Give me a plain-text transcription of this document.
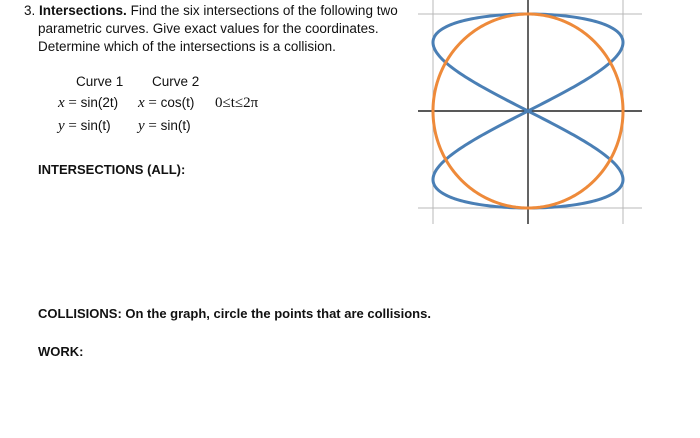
3. Intersections. Find the six intersections of the following two
parametric curves. Give exact values for the coordinates.
Determine which of the intersections is a collision.
Curve 1 Curve 2
x = sin(2t) x = cos(t) 0≤t≤2π
y = sin(t) y = sin(t)
INTERSECTIONS (ALL):
COLLISIONS: On the graph, circle the points that are collisions.
WORK:
